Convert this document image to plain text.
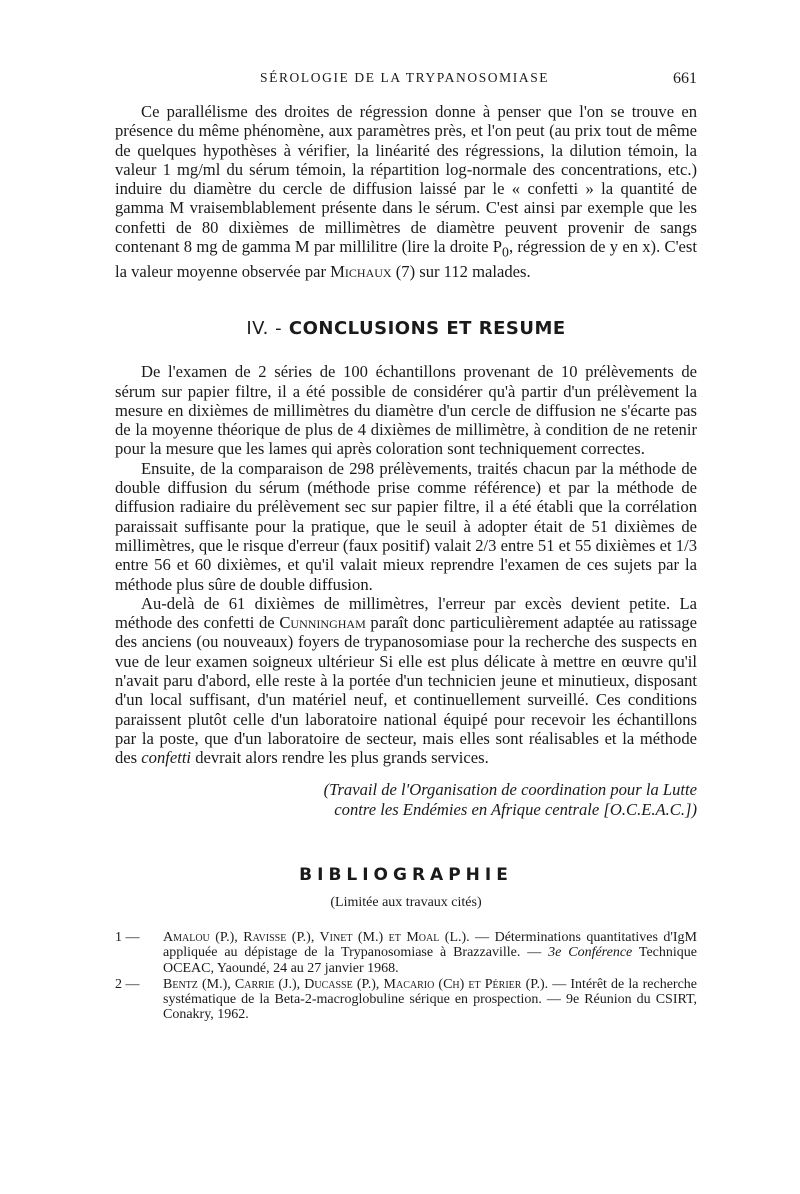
SÉROLOGIE DE LA TRYPANOSOMIASE	661

Ce parallélisme des droites de régression donne à penser que l'on se trouve en présence du même phénomène, aux paramètres près, et l'on peut (au prix tout de même de quelques hypothèses à vérifier, la linéarité des régressions, la dilution témoin, la valeur 1 mg/ml du sérum témoin, la répartition log-normale des concentrations, etc.) induire du diamètre du cercle de diffusion laissé par le « confetti » la quantité de gamma M vraisemblablement présente dans le sérum. C'est ainsi par exemple que les confetti de 80 dixièmes de millimètres de diamètre peuvent provenir de sangs contenant 8 mg de gamma M par millilitre (lire la droite $P_0$, régression de y en x). C'est la valeur moyenne observée par Michaux (7) sur 112 malades.

IV. - CONCLUSIONS ET RESUME

De l'examen de 2 séries de 100 échantillons provenant de 10 prélèvements de sérum sur papier filtre, il a été possible de considérer qu'à partir d'un prélèvement la mesure en dixièmes de millimètres du diamètre d'un cercle de diffusion ne s'écarte pas de la moyenne théorique de plus de 4 dixièmes de millimètre, à condition de ne retenir pour la mesure que les lames qui après coloration sont techniquement correctes.

Ensuite, de la comparaison de 298 prélèvements, traités chacun par la méthode de double diffusion du sérum (méthode prise comme référence) et par la méthode de diffusion radiaire du prélèvement sec sur papier filtre, il a été établi que la corrélation paraissait suffisante pour la pratique, que le seuil à adopter était de 51 dixièmes de millimètres, que le risque d'erreur (faux positif) valait 2/3 entre 51 et 55 dixièmes et 1/3 entre 56 et 60 dixièmes, et qu'il valait mieux reprendre l'examen de ces sujets par la méthode plus sûre de double diffusion.

Au-delà de 61 dixièmes de millimètres, l'erreur par excès devient petite. La méthode des confetti de Cunningham paraît donc particulièrement adaptée au ratissage des anciens (ou nouveaux) foyers de trypanosomiase pour la recherche des suspects en vue de leur examen soigneux ultérieur Si elle est plus délicate à mettre en œuvre qu'il n'avait paru d'abord, elle reste à la portée d'un technicien jeune et minutieux, disposant d'un local suffisant, d'un matériel neuf, et continuellement surveillé. Ces conditions paraissent plutôt celle d'un laboratoire national équipé pour recevoir les échantillons par la poste, que d'un laboratoire de secteur, mais elles sont réalisables et la méthode des confetti devrait alors rendre les plus grands services.

(Travail de l'Organisation de coordination pour la Lutte
contre les Endémies en Afrique centrale [O.C.E.A.C.])
BIBLIOGRAPHIE
(Limitée aux travaux cités)
1 —	Amalou (P.), Ravisse (P.), Vinet (M.) et Moal (L.). — Déterminations quantitatives d'IgM appliquée au dépistage de la Trypanosomiase à Brazzaville. — 3e Conférence Technique OCEAC, Yaoundé, 24 au 27 janvier 1968.
2 —	Bentz (M.), Carrie (J.), Ducasse (P.), Macario (Ch) et Périer (P.). — Intérêt de la recherche systématique de la Beta-2-macroglobuline sérique en prospection. — 9e Réunion du CSIRT, Conakry, 1962.
